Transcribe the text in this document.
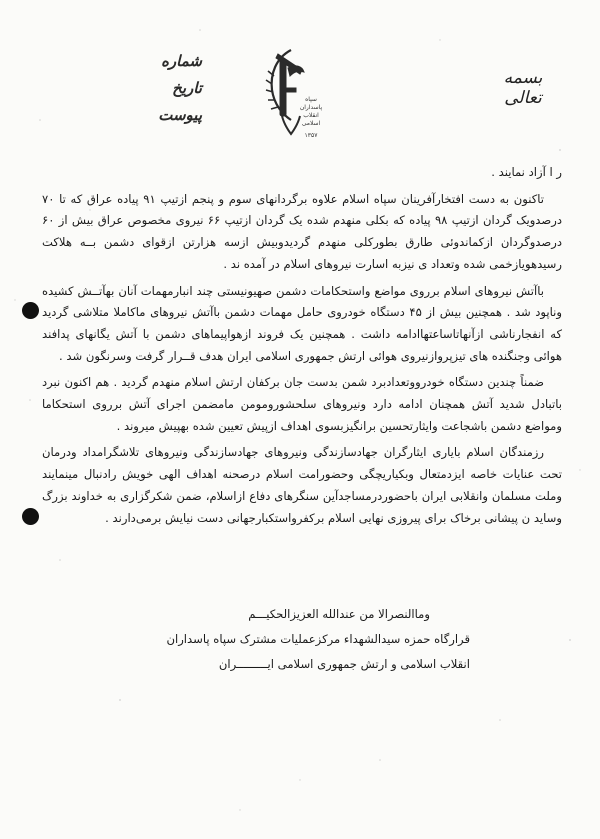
شماره
تاریخ
پیوست
سپاه
پاسداران
انقلاب
اسلامی
۱۳۵۷
بسمه تعالی

ر ا آزاد نمایند .

تاکنون به دست افتخارآفرینان سپاه اسلام علاوه برگردانهای سوم و پنجم ازتیپ ۹۱ پیاده عراق که تا ۷۰ درصدویک گردان ازتیپ ۹۸ پیاده که بکلی منهدم شده یک گردان ازتیپ ۶۶ نیروی مخصوص عراق بیش از ۶۰ درصدوگردان ازکماندوئی طارق بطورکلی منهدم گردیدوبیش ازسه هزارتن ازقوای دشمن بــه هلاکت رسیدهویازخمی شده وتعداد ی نیزبه اسارت نیروهای اسلام در آمده ند .

باآتش نیروهای اسلام برروی مواضع واستحکامات دشمن صهیونیستی چند انبارمهمات آنان بهآتــش کشیده وناپود شد . همچنین بیش از ۴۵ دستگاه خودروی حامل مهمات دشمن باآتش نیروهای ماکاملا متلاشی گردید که انفجارناشی ازآنهاتاساعتهاادامه داشت . همچنین یک فروند ازهواپیماهای دشمن با آتش یگانهای پدافند هوائی وجنگنده های تیزپروازنیروی هوائی ارتش جمهوری اسلامی ایران هدف قــرار گرفت وسرنگون شد .

ضمناً چندین دستگاه خودرووتعدادبرد شمن بدست جان برکفان ارتش اسلام منهدم گردید . هم اکنون نبرد باتبادل شدید آتش همچنان ادامه دارد ونیروهای سلحشورومومن مامضمن اجرای آتش برروی استحکاما ومواضع دشمن باشجاعت وایثارتحسین برانگیزبسوی اهداف ازپیش تعیین شده بهپیش میروند .

رزمندگان اسلام بایاری ایثارگران جهادسازندگی ونیروهای جهادسازندگی ونیروهای تلاشگرامداد ودرمان تحت عنایات خاصه ایزدمتعال وبکیاریچگی وحضورامت اسلام درصحنه اهداف الهی خویش رادنبال مینمایند وملت مسلمان وانقلابی ایران باحضوردرمساجدآین سنگرهای دفاع ازاسلام، ضمن شکرگزاری به خداوند بزرگ وساید ن پیشانی برخاک برای پیروزی نهایی اسلام برکفرواستکبارجهانی دست نیایش برمی‌دارند .

وماالنصرالا من عندالله العزیزالحکیـــم
قرارگاه حمزه سیدالشهداء مرکزعملیات مشترک سپاه پاسداران
انقلاب اسلامی و ارتش جمهوری اسلامی ایـــــــــران
